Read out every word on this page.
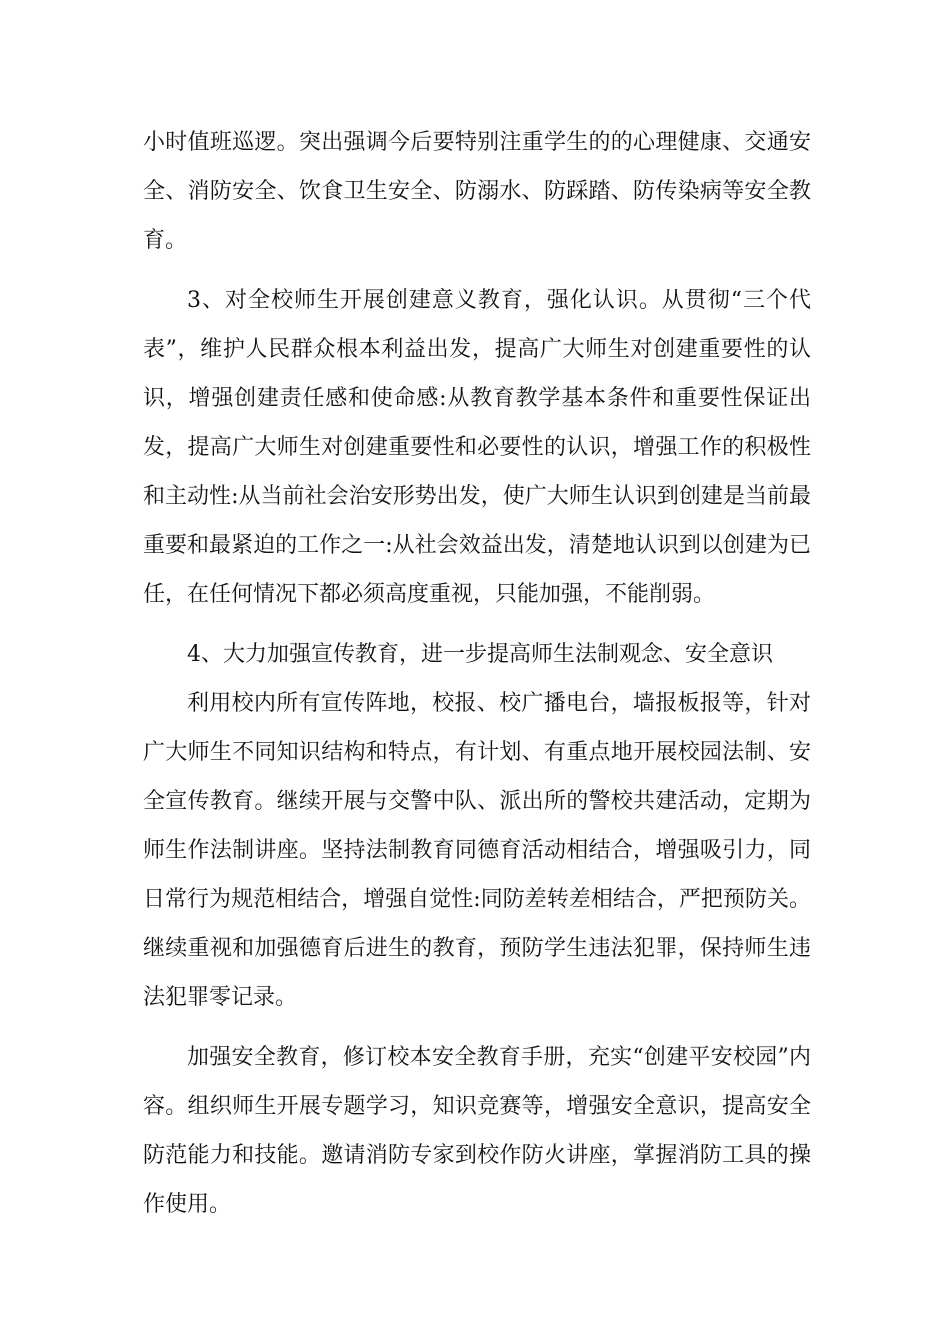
小时值班巡逻。突出强调今后要特别注重学生的的心理健康、交通安全、消防安全、饮食卫生安全、防溺水、防踩踏、防传染病等安全教育。

3、对全校师生开展创建意义教育，强化认识。从贯彻“三个代表”，维护人民群众根本利益出发，提高广大师生对创建重要性的认识，增强创建责任感和使命感:从教育教学基本条件和重要性保证出发，提高广大师生对创建重要性和必要性的认识，增强工作的积极性和主动性:从当前社会治安形势出发，使广大师生认识到创建是当前最重要和最紧迫的工作之一:从社会效益出发，清楚地认识到以创建为已任，在任何情况下都必须高度重视，只能加强，不能削弱。

4、大力加强宣传教育，进一步提高师生法制观念、安全意识

利用校内所有宣传阵地，校报、校广播电台，墙报板报等，针对广大师生不同知识结构和特点，有计划、有重点地开展校园法制、安全宣传教育。继续开展与交警中队、派出所的警校共建活动，定期为师生作法制讲座。坚持法制教育同德育活动相结合，增强吸引力，同日常行为规范相结合，增强自觉性:同防差转差相结合，严把预防关。继续重视和加强德育后进生的教育，预防学生违法犯罪，保持师生违法犯罪零记录。

加强安全教育，修订校本安全教育手册，充实“创建平安校园”内容。组织师生开展专题学习，知识竞赛等，增强安全意识，提高安全防范能力和技能。邀请消防专家到校作防火讲座，掌握消防工具的操作使用。
